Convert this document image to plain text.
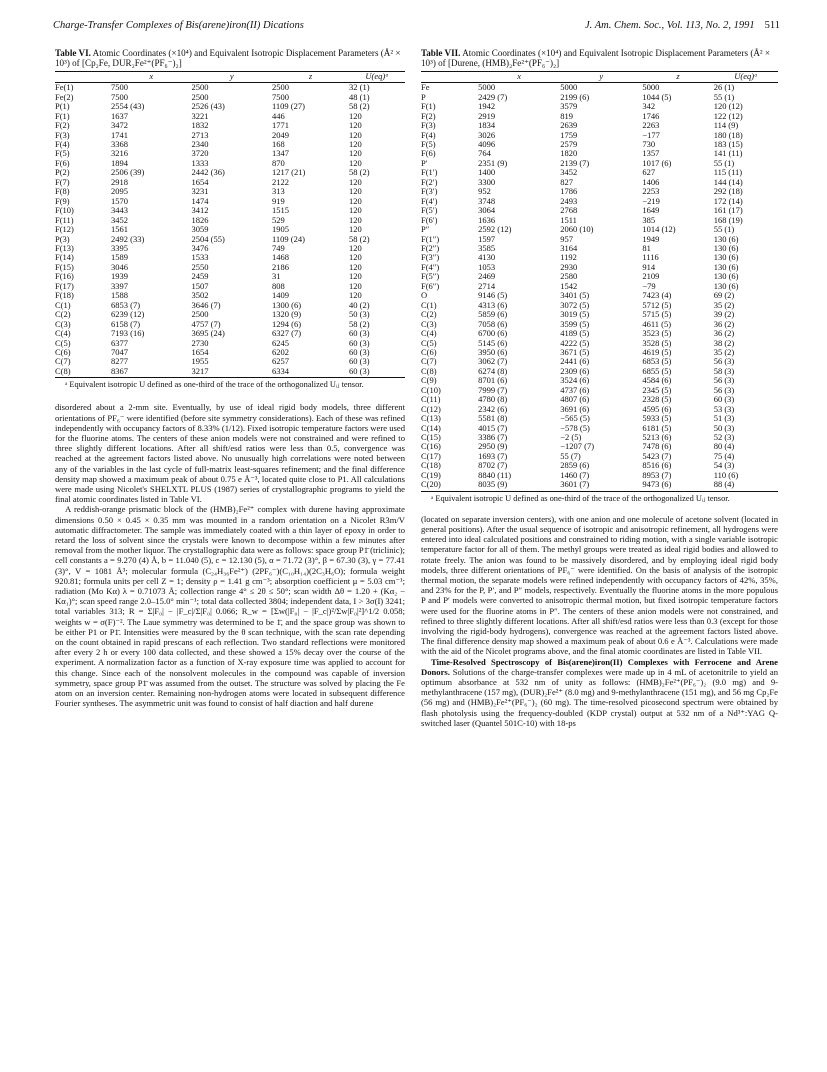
Charge-Transfer Complexes of Bis(arene)iron(II) Dications	J. Am. Chem. Soc., Vol. 113, No. 2, 1991 511
Table VI. Atomic Coordinates (×10⁴) and Equivalent Isotropic Displacement Parameters (Å² × 10³) of [Cp₂Fe, DUR₂Fe²⁺(PF₆⁻)₂]
	x	y	z	U(eq)ᵃ
Fe(1)	7500	2500	2500	32 (1)
Fe(2)	7500	2500	7500	48 (1)
P(1)	2554 (43)	2526 (43)	1109 (27)	58 (2)
F(1)	1637	3221	446	120
F(2)	3472	1832	1771	120
F(3)	1741	2713	2049	120
F(4)	3368	2340	168	120
F(5)	3216	3720	1347	120
F(6)	1894	1333	870	120
P(2)	2506 (39)	2442 (36)	1217 (21)	58 (2)
F(7)	2918	1654	2122	120
F(8)	2095	3231	313	120
F(9)	1570	1474	919	120
F(10)	3443	3412	1515	120
F(11)	3452	1826	529	120
F(12)	1561	3059	1905	120
P(3)	2492 (33)	2504 (55)	1109 (24)	58 (2)
F(13)	3395	3476	749	120
F(14)	1589	1533	1468	120
F(15)	3046	2550	2186	120
F(16)	1939	2459	31	120
F(17)	3397	1507	808	120
F(18)	1588	3502	1409	120
C(1)	6853 (7)	3646 (7)	1300 (6)	40 (2)
C(2)	6239 (12)	2500	1320 (9)	50 (3)
C(3)	6158 (7)	4757 (7)	1294 (6)	58 (2)
C(4)	7193 (16)	3695 (24)	6327 (7)	60 (3)
C(5)	6377	2730	6245	60 (3)
C(6)	7047	1654	6202	60 (3)
C(7)	8277	1955	6257	60 (3)
C(8)	8367	3217	6334	60 (3)
ᵃ Equivalent isotropic U defined as one-third of the trace of the orthogonalized Uᵢⱼ tensor.

disordered about a 2-mm site. Eventually, by use of ideal rigid body models, three different orientations of PF₆⁻ were identified (before site symmetry considerations). Each of these was refined independently with occupancy factors of 8.33% (1/12). Fixed isotropic temperature factors were used for the fluorine atoms. The centers of these anion models were not constrained and were refined to three slightly different locations. After all shift/esd ratios were less than 0.5, convergence was reached at the agreement factors listed above. No unusually high correlations were noted between any of the variables in the last cycle of full-matrix least-squares refinement; and the final difference density map showed a maximum peak of about 0.75 e Å⁻³, located quite close to P1. All calculations were made using Nicolet's SHELXTL PLUS (1987) series of crystallographic programs to yield the final atomic coordinates listed in Table VI.

A reddish-orange prismatic block of the (HMB)₂Fe²⁺ complex with durene having approximate dimensions 0.50 × 0.45 × 0.35 mm was mounted in a random orientation on a Nicolet R3m/V automatic diffractometer. The sample was immediately coated with a thin layer of epoxy in order to retard the loss of solvent since the crystals were known to decompose within a few minutes after removal from the mother liquor. The crystallographic data were as follows: space group P1̄ (triclinic); cell constants a = 9.270 (4) Å, b = 11.040 (5), c = 12.130 (5), α = 71.72 (3)°, β = 67.30 (3), γ = 77.41 (3)°, V = 1081 Å³; molecular formula (C₂₄H₃₆Fe²⁺) (2PF₆⁻)(C₁₀H₁₄)(2C₃H₆O); formula weight 920.81; formula units per cell Z = 1; density ρ = 1.41 g cm⁻³; absorption coefficient μ = 5.03 cm⁻¹; radiation (Mo Kα) λ = 0.71073 Å; collection range 4° ≤ 2θ ≤ 50°; scan width Δθ = 1.20 + (Kα₂ − Kα₁)°; scan speed range 2.0–15.0° min⁻¹; total data collected 3804; independent data, I > 3σ(I) 3241; total variables 313; R = Σ|F₀| − |F_c|/Σ|F₀| 0.066; R_w = [Σw(|F₀| − |F_c|)²/Σw|F₀|²]^1/2 0.058; weights w = σ(F)⁻². The Laue symmetry was determined to be 1̄, and the space group was shown to be either P1 or P1̄. Intensities were measured by the θ scan technique, with the scan rate depending on the count obtained in rapid prescans of each reflection. Two standard reflections were monitored after every 2 h or every 100 data collected, and these showed a 15% decay over the course of the experiment. A normalization factor as a function of X-ray exposure time was applied to account for this change. Since each of the nonsolvent molecules in the compound was capable of inversion symmetry, space group P1̄ was assumed from the outset. The structure was solved by placing the Fe atom on an inversion center. Remaining non-hydrogen atoms were located in subsequent difference Fourier syntheses. The asymmetric unit was found to consist of half diaction and half durene

Table VII. Atomic Coordinates (×10⁴) and Equivalent Isotropic Displacement Parameters (Å² × 10³) of [Durene, (HMB)₂Fe²⁺(PF₆⁻)₂]
	x	y	z	U(eq)ᵃ
Fe	5000	5000	5000	26 (1)
P	2429 (7)	2199 (6)	1044 (5)	55 (1)
F(1)	1942	3579	342	120 (12)
F(2)	2919	819	1746	122 (12)
F(3)	1834	2639	2263	114 (9)
F(4)	3026	1759	−177	180 (18)
F(5)	4096	2579	730	183 (15)
F(6)	764	1820	1357	141 (11)
P′	2351 (9)	2139 (7)	1017 (6)	55 (1)
F(1′)	1400	3452	627	115 (11)
F(2′)	3300	827	1406	144 (14)
F(3′)	952	1786	2253	292 (18)
F(4′)	3748	2493	−219	172 (14)
F(5′)	3064	2768	1649	161 (17)
F(6′)	1636	1511	385	168 (19)
P″	2592 (12)	2060 (10)	1014 (12)	55 (1)
F(1″)	1597	957	1949	130 (6)
F(2″)	3585	3164	81	130 (6)
F(3″)	4130	1192	1116	130 (6)
F(4″)	1053	2930	914	130 (6)
F(5″)	2469	2580	2109	130 (6)
F(6″)	2714	1542	−79	130 (6)
O	9146 (5)	3401 (5)	7423 (4)	69 (2)
C(1)	4313 (6)	3072 (5)	5712 (5)	35 (2)
C(2)	5859 (6)	3019 (5)	5715 (5)	39 (2)
C(3)	7058 (6)	3599 (5)	4611 (5)	36 (2)
C(4)	6700 (6)	4189 (5)	3523 (5)	36 (2)
C(5)	5145 (6)	4222 (5)	3528 (5)	38 (2)
C(6)	3950 (6)	3671 (5)	4619 (5)	35 (2)
C(7)	3062 (7)	2441 (6)	6853 (5)	56 (3)
C(8)	6274 (8)	2309 (6)	6855 (5)	58 (3)
C(9)	8701 (6)	3524 (6)	4584 (6)	56 (3)
C(10)	7999 (7)	4737 (6)	2345 (5)	56 (3)
C(11)	4780 (8)	4807 (6)	2328 (5)	60 (3)
C(12)	2342 (6)	3691 (6)	4595 (6)	53 (3)
C(13)	5581 (8)	−565 (5)	5933 (5)	51 (3)
C(14)	4015 (7)	−578 (5)	6181 (5)	50 (3)
C(15)	3386 (7)	−2 (5)	5213 (6)	52 (3)
C(16)	2950 (9)	−1207 (7)	7478 (6)	80 (4)
C(17)	1693 (7)	55 (7)	5423 (7)	75 (4)
C(18)	8702 (7)	2859 (6)	8516 (6)	54 (3)
C(19)	8840 (11)	1460 (7)	8953 (7)	110 (6)
C(20)	8035 (9)	3601 (7)	9473 (6)	88 (4)
ᵃ Equivalent isotropic U defined as one-third of the trace of the orthogonalized Uᵢⱼ tensor.

(located on separate inversion centers), with one anion and one molecule of acetone solvent (located in general positions). After the usual sequence of isotropic and anisotropic refinement, all hydrogens were entered into ideal calculated positions and constrained to riding motion, with a single variable isotropic temperature factor for all of them. The methyl groups were treated as ideal rigid bodies and allowed to rotate freely. The anion was found to be massively disordered, and by employing ideal rigid body models, three different orientations of PF₆⁻ were identified. On the basis of analysis of the isotropic thermal motion, the separate models were refined independently with occupancy factors of 42%, 35%, and 23% for the P, P′, and P″ models, respectively. Eventually the fluorine atoms in the more populous P and P′ models were converted to anisotropic thermal motion, but fixed isotropic temperature factors were used for the fluorine atoms in P″. The centers of these anion models were not constrained, and refined to three slightly different locations. After all shift/esd ratios were less than 0.3 (except for those involving the rigid-body hydrogens), convergence was reached at the agreement factors listed above. The final difference density map showed a maximum peak of about 0.6 e Å⁻³. Calculations were made with the aid of the Nicolet programs above, and the final atomic coordinates are listed in Table VII.

Time-Resolved Spectroscopy of Bis(arene)iron(II) Complexes with Ferrocene and Arene Donors. Solutions of the charge-transfer complexes were made up in 4 mL of acetonitrile to yield an optimum absorbance at 532 nm of unity as follows: (HMB)₂Fe²⁺(PF₆⁻)₂ (9.0 mg) and 9-methylanthracene (157 mg), (DUR)₂Fe²⁺ (8.0 mg) and 9-methylanthracene (151 mg), and 56 mg Cp₂Fe (56 mg) and (HMB)₂Fe²⁺(PF₆⁻)₂ (60 mg). The time-resolved picosecond spectrum were obtained by flash photolysis using the frequency-doubled (KDP crystal) output at 532 nm of a Nd³⁺:YAG Q-switched laser (Quantel 501C-10) with 18-ps
